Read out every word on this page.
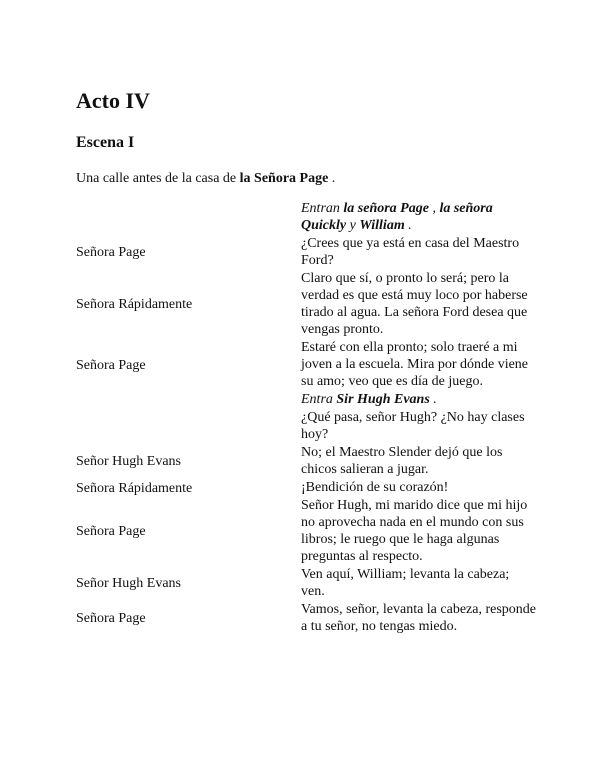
Acto IV
Escena I

Una calle antes de la casa de la Señora Page .

	Entran la señora Page , la señora Quickly y William .
Señora Page	¿Crees que ya está en casa del Maestro Ford?
Señora Rápidamente	Claro que sí, o pronto lo será; pero la verdad es que está muy loco por haberse tirado al agua. La señora Ford desea que vengas pronto.
Señora Page	Estaré con ella pronto; solo traeré a mi joven a la escuela. Mira por dónde viene su amo; veo que es día de juego.
	Entra Sir Hugh Evans .
	¿Qué pasa, señor Hugh? ¿No hay clases hoy?
Señor Hugh Evans	No; el Maestro Slender dejó que los chicos salieran a jugar.
Señora Rápidamente	¡Bendición de su corazón!
Señora Page	Señor Hugh, mi marido dice que mi hijo no aprovecha nada en el mundo con sus libros; le ruego que le haga algunas preguntas al respecto.
Señor Hugh Evans	Ven aquí, William; levanta la cabeza; ven.
Señora Page	Vamos, señor, levanta la cabeza, responde a tu señor, no tengas miedo.
